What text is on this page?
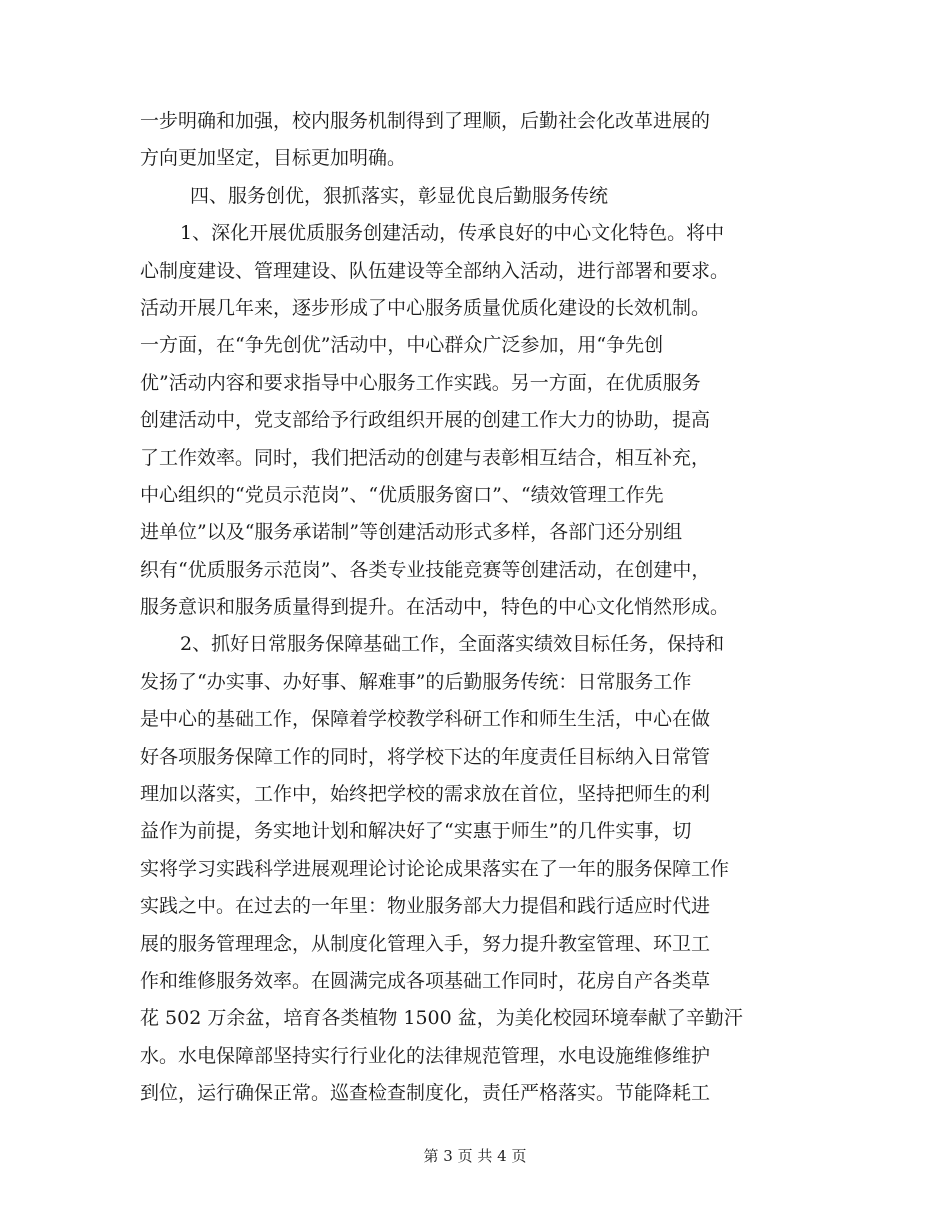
一步明确和加强，校内服务机制得到了理顺，后勤社会化改革进展的
方向更加坚定，目标更加明确。
四、服务创优，狠抓落实，彰显优良后勤服务传统
1、深化开展优质服务创建活动，传承良好的中心文化特色。将中
心制度建设、管理建设、队伍建设等全部纳入活动，进行部署和要求。
活动开展几年来，逐步形成了中心服务质量优质化建设的长效机制。
一方面，在“争先创优”活动中，中心群众广泛参加，用“争先创
优”活动内容和要求指导中心服务工作实践。另一方面，在优质服务
创建活动中，党支部给予行政组织开展的创建工作大力的协助，提高
了工作效率。同时，我们把活动的创建与表彰相互结合，相互补充，
中心组织的“党员示范岗”、“优质服务窗口”、“绩效管理工作先
进单位”以及“服务承诺制”等创建活动形式多样，各部门还分别组
织有“优质服务示范岗”、各类专业技能竞赛等创建活动，在创建中，
服务意识和服务质量得到提升。在活动中，特色的中心文化悄然形成。
2、抓好日常服务保障基础工作，全面落实绩效目标任务，保持和
发扬了“办实事、办好事、解难事”的后勤服务传统：日常服务工作
是中心的基础工作，保障着学校教学科研工作和师生生活，中心在做
好各项服务保障工作的同时，将学校下达的年度责任目标纳入日常管
理加以落实，工作中，始终把学校的需求放在首位，坚持把师生的利
益作为前提，务实地计划和解决好了“实惠于师生”的几件实事，切
实将学习实践科学进展观理论讨论论成果落实在了一年的服务保障工作
实践之中。在过去的一年里：物业服务部大力提倡和践行适应时代进
展的服务管理理念，从制度化管理入手，努力提升教室管理、环卫工
作和维修服务效率。在圆满完成各项基础工作同时，花房自产各类草
花 502 万余盆，培育各类植物 1500 盆，为美化校园环境奉献了辛勤汗
水。水电保障部坚持实行行业化的法律规范管理，水电设施维修维护
到位，运行确保正常。巡查检查制度化，责任严格落实。节能降耗工
第 3 页 共 4 页
